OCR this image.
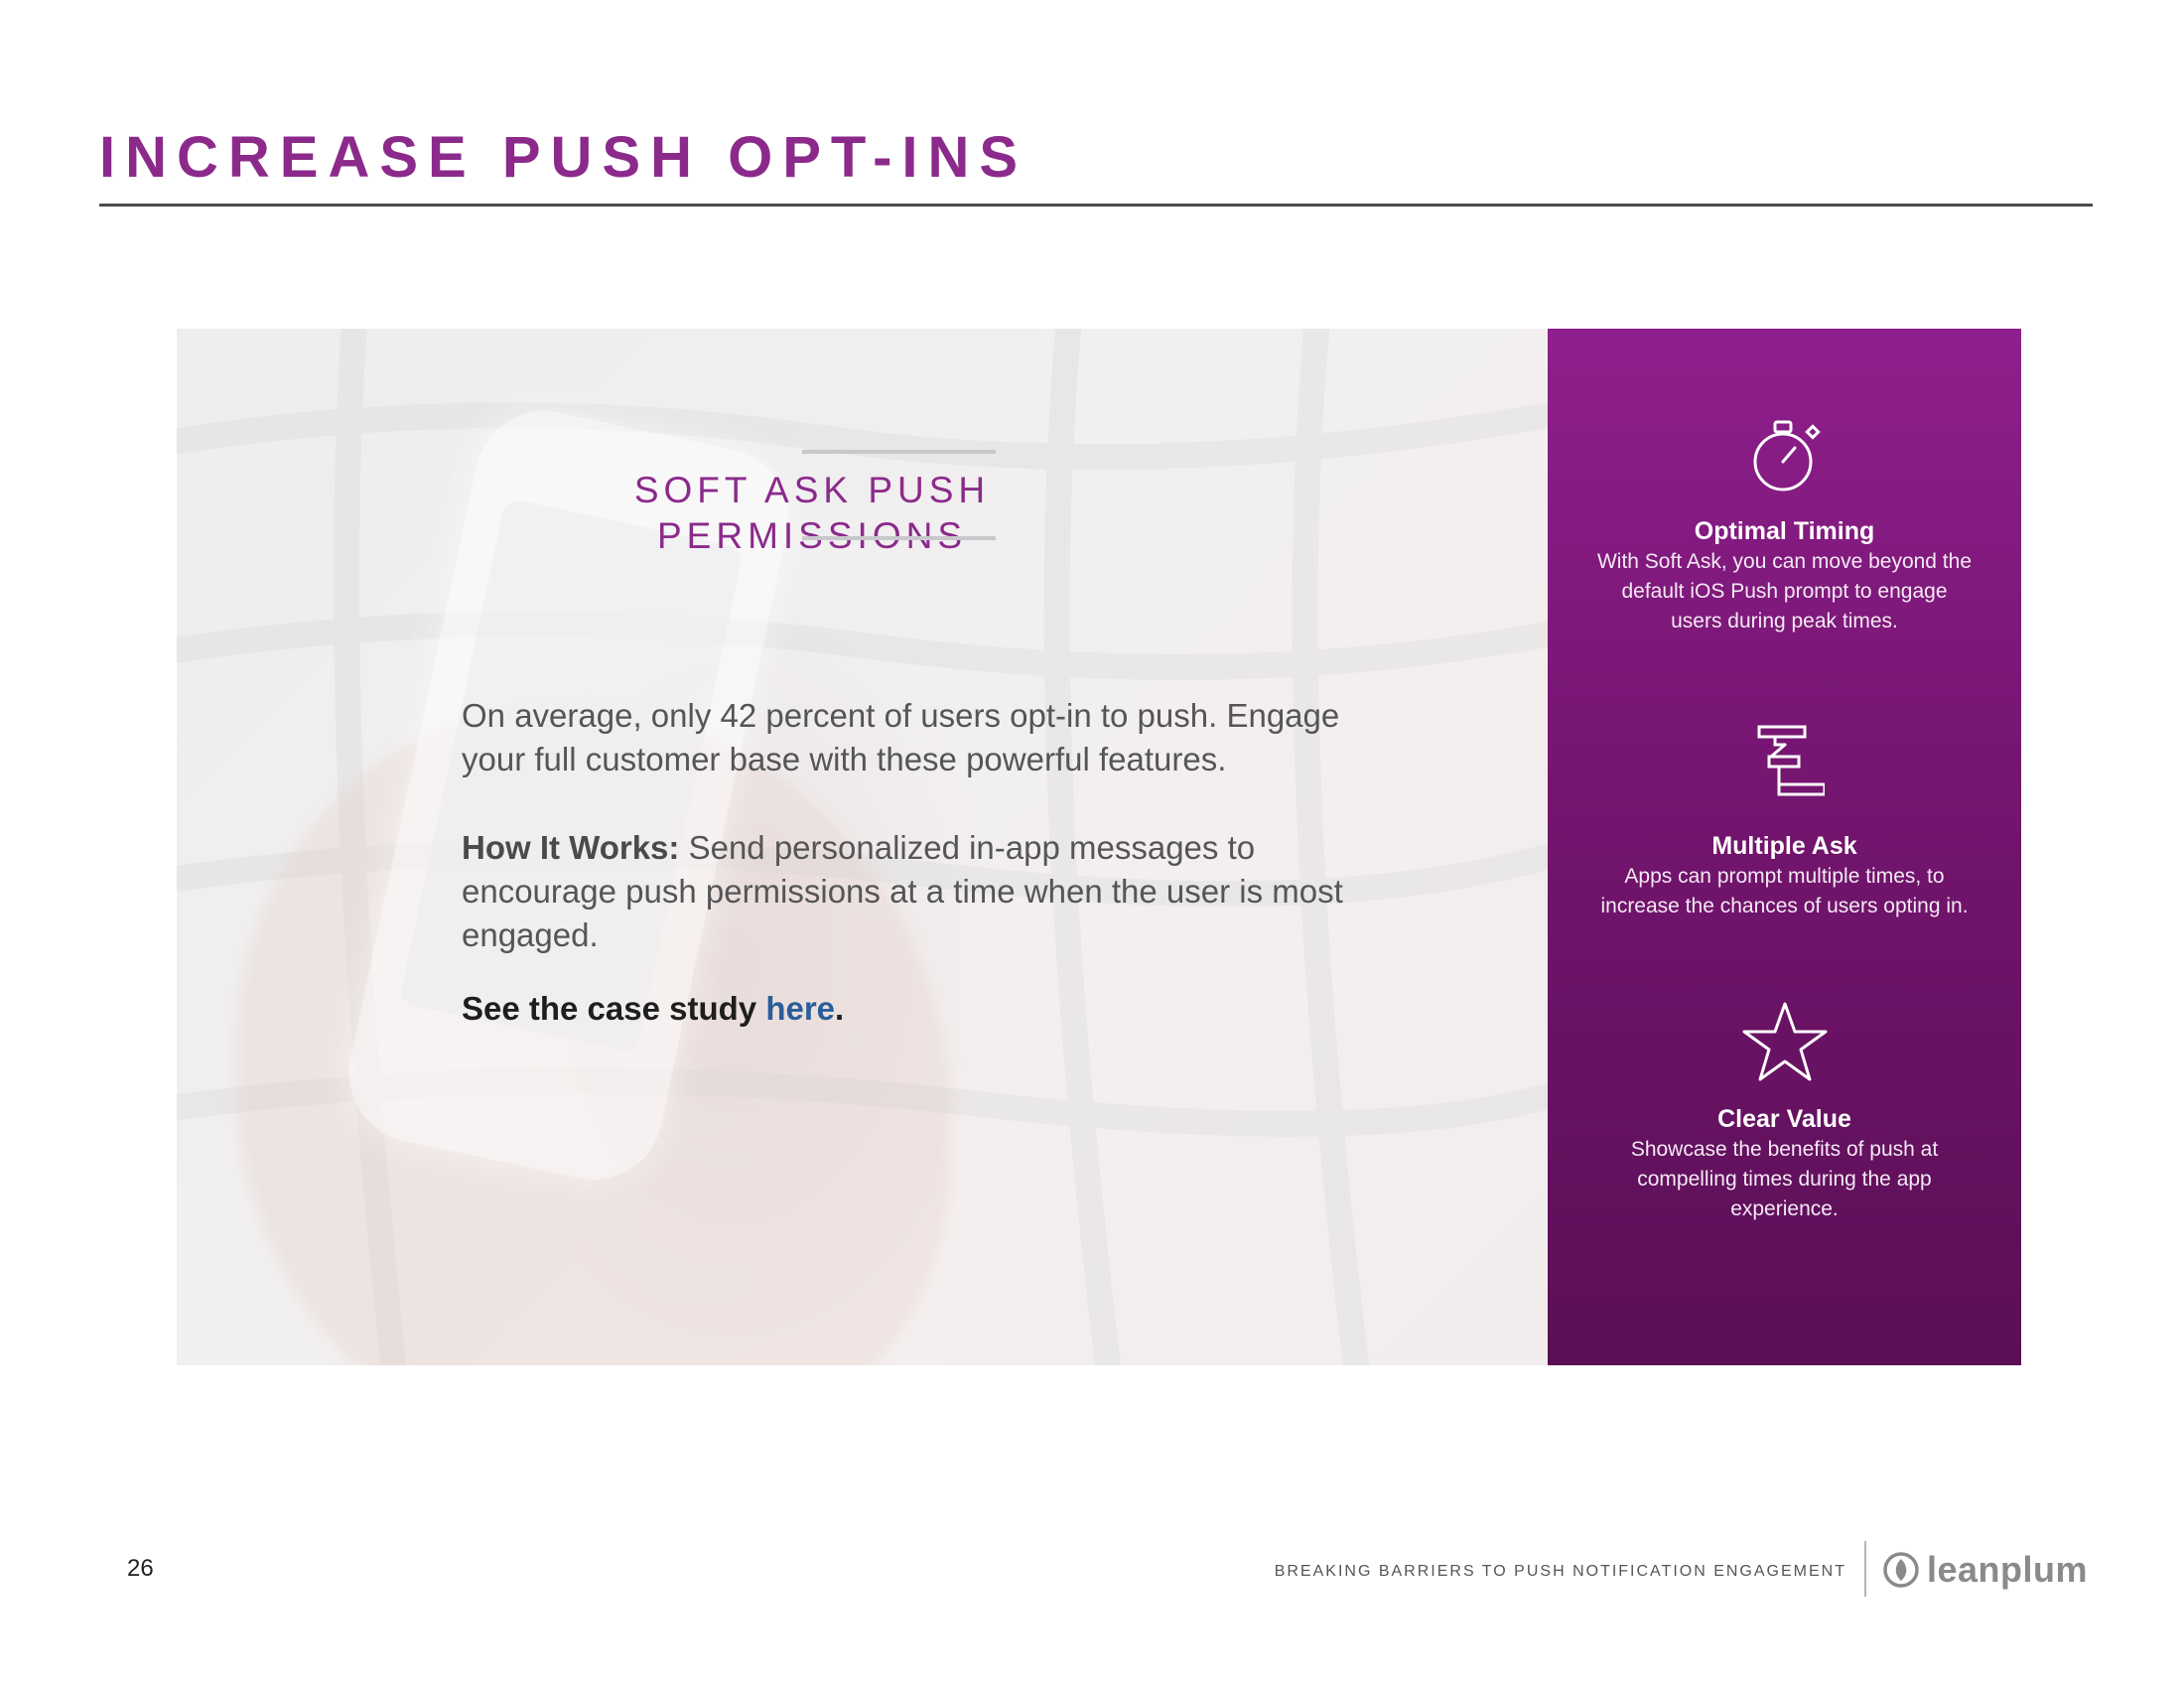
INCREASE PUSH OPT-INS
SOFT ASK PUSH PERMISSIONS

On average, only 42 percent of users opt-in to push. Engage your full customer base with these powerful features.

How It Works: Send personalized in-app messages to encourage push permissions at a time when the user is most engaged.

See the case study here.

Optimal Timing
With Soft Ask, you can move beyond the default iOS Push prompt to engage users during peak times.
Multiple Ask
Apps can prompt multiple times, to increase the chances of users opting in.
Clear Value
Showcase the benefits of push at compelling times during the app experience.
26	BREAKING BARRIERS TO PUSH NOTIFICATION ENGAGEMENT leanplum
